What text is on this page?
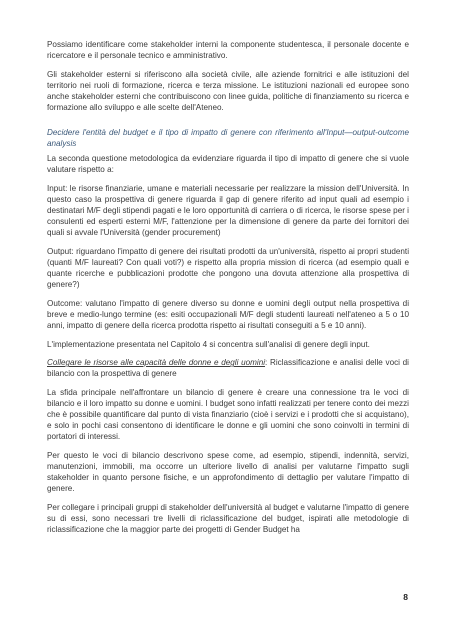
Possiamo identificare come stakeholder interni la componente studentesca, il personale docente e ricercatore e il personale tecnico e amministrativo.

Gli stakeholder esterni si riferiscono alla società civile, alle aziende fornitrici e alle istituzioni del territorio nei ruoli di formazione, ricerca e terza missione. Le istituzioni nazionali ed europee sono anche stakeholder esterni che contribuiscono con linee guida, politiche di finanziamento su ricerca e formazione allo sviluppo e alle scelte dell'Ateneo.

Decidere l'entità del budget e il tipo di impatto di genere con riferimento all'Input—output-outcome analysis

La seconda questione metodologica da evidenziare riguarda il tipo di impatto di genere che si vuole valutare rispetto a:

Input: le risorse finanziarie, umane e materiali necessarie per realizzare la mission dell'Università. In questo caso la prospettiva di genere riguarda il gap di genere riferito ad input quali ad esempio i destinatari M/F degli stipendi pagati e le loro opportunità di carriera o di ricerca, le risorse spese per i consulenti ed esperti esterni M/F, l'attenzione per la dimensione di genere da parte dei fornitori dei quali si avvale l'Università (gender procurement)

Output: riguardano l'impatto di genere dei risultati prodotti da un'università, rispetto ai propri studenti (quanti M/F laureati? Con quali voti?) e rispetto alla propria mission di ricerca (ad esempio quali e quante ricerche e pubblicazioni prodotte che pongono una dovuta attenzione alla prospettiva di genere?)

Outcome: valutano l'impatto di genere diverso su donne e uomini degli output nella prospettiva di breve e medio-lungo termine (es: esiti occupazionali M/F degli studenti laureati nell'ateneo a 5 o 10 anni, impatto di genere della ricerca prodotta rispetto ai risultati conseguiti a 5 e 10 anni).

L'implementazione presentata nel Capitolo 4 si concentra sull'analisi di genere degli input.

Collegare le risorse alle capacità delle donne e degli uomini: Riclassificazione e analisi delle voci di bilancio con la prospettiva di genere

La sfida principale nell'affrontare un bilancio di genere è creare una connessione tra le voci di bilancio e il loro impatto su donne e uomini. I budget sono infatti realizzati per tenere conto dei mezzi che è possibile quantificare dal punto di vista finanziario (cioè i servizi e i prodotti che si acquistano), e solo in pochi casi consentono di identificare le donne e gli uomini che sono coinvolti in termini di portatori di interessi.

Per questo le voci di bilancio descrivono spese come, ad esempio, stipendi, indennità, servizi, manutenzioni, immobili, ma occorre un ulteriore livello di analisi per valutarne l'impatto sugli stakeholder in quanto persone fisiche, e un approfondimento di dettaglio per valutare l'impatto di genere.

Per collegare i principali gruppi di stakeholder dell'università al budget e valutarne l'impatto di genere su di essi, sono necessari tre livelli di riclassificazione del budget, ispirati alle metodologie di riclassificazione che la maggior parte dei progetti di Gender Budget ha

8
